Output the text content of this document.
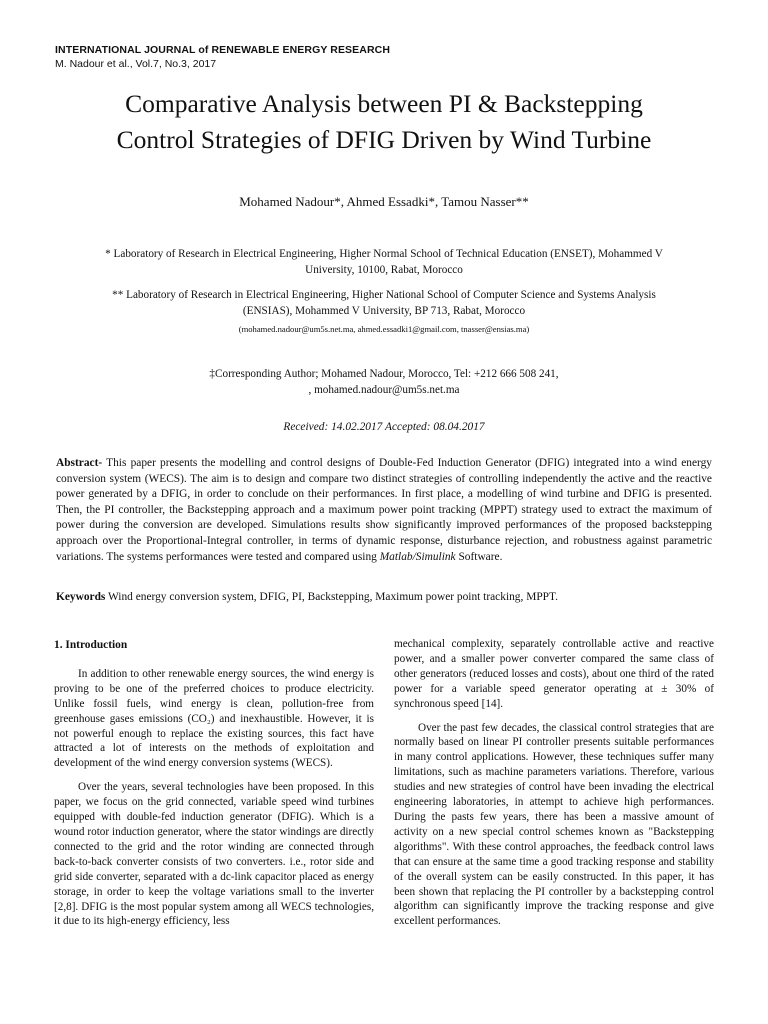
INTERNATIONAL JOURNAL of RENEWABLE ENERGY RESEARCH
M. Nadour et al., Vol.7, No.3, 2017
Comparative Analysis between PI & Backstepping
Control Strategies of DFIG Driven by Wind Turbine
Mohamed Nadour*, Ahmed Essadki*, Tamou Nasser**
* Laboratory of Research in Electrical Engineering, Higher Normal School of Technical Education (ENSET), Mohammed V
University, 10100, Rabat, Morocco
** Laboratory of Research in Electrical Engineering, Higher National School of Computer Science and Systems Analysis
(ENSIAS), Mohammed V University, BP 713, Rabat, Morocco
(mohamed.nadour@um5s.net.ma, ahmed.essadki1@gmail.com, tnasser@ensias.ma)
‡Corresponding Author; Mohamed Nadour, Morocco, Tel: +212 666 508 241,
, mohamed.nadour@um5s.net.ma
Received: 14.02.2017 Accepted: 08.04.2017
Abstract- This paper presents the modelling and control designs of Double-Fed Induction Generator (DFIG) integrated into a wind energy conversion system (WECS). The aim is to design and compare two distinct strategies of controlling independently the active and the reactive power generated by a DFIG, in order to conclude on their performances. In first place, a modelling of wind turbine and DFIG is presented. Then, the PI controller, the Backstepping approach and a maximum power point tracking (MPPT) strategy used to extract the maximum of power during the conversion are developed. Simulations results show significantly improved performances of the proposed backstepping approach over the Proportional-Integral controller, in terms of dynamic response, disturbance rejection, and robustness against parametric variations. The systems performances were tested and compared using Matlab/Simulink Software.
Keywords Wind energy conversion system, DFIG, PI, Backstepping, Maximum power point tracking, MPPT.

1. Introduction

In addition to other renewable energy sources, the wind energy is proving to be one of the preferred choices to produce electricity. Unlike fossil fuels, wind energy is clean, pollution-free from greenhouse gases emissions (CO₂) and inexhaustible. However, it is not powerful enough to replace the existing sources, this fact have attracted a lot of interests on the methods of exploitation and development of the wind energy conversion systems (WECS).

Over the years, several technologies have been proposed. In this paper, we focus on the grid connected, variable speed wind turbines equipped with double-fed induction generator (DFIG). Which is a wound rotor induction generator, where the stator windings are directly connected to the grid and the rotor winding are connected through back-to-back converter consists of two converters. i.e., rotor side and grid side converter, separated with a dc-link capacitor placed as energy storage, in order to keep the voltage variations small to the inverter [2,8]. DFIG is the most popular system among all WECS technologies, it due to its high-energy efficiency, less

mechanical complexity, separately controllable active and reactive power, and a smaller power converter compared the same class of other generators (reduced losses and costs), about one third of the rated power for a variable speed generator operating at ± 30% of synchronous speed [14].

Over the past few decades, the classical control strategies that are normally based on linear PI controller presents suitable performances in many control applications. However, these techniques suffer many limitations, such as machine parameters variations. Therefore, various studies and new strategies of control have been invading the electrical engineering laboratories, in attempt to achieve high performances. During the pasts few years, there has been a massive amount of activity on a new special control schemes known as "Backstepping algorithms". With these control approaches, the feedback control laws that can ensure at the same time a good tracking response and stability of the overall system can be easily constructed. In this paper, it has been shown that replacing the PI controller by a backstepping control algorithm can significantly improve the tracking response and give excellent performances.
